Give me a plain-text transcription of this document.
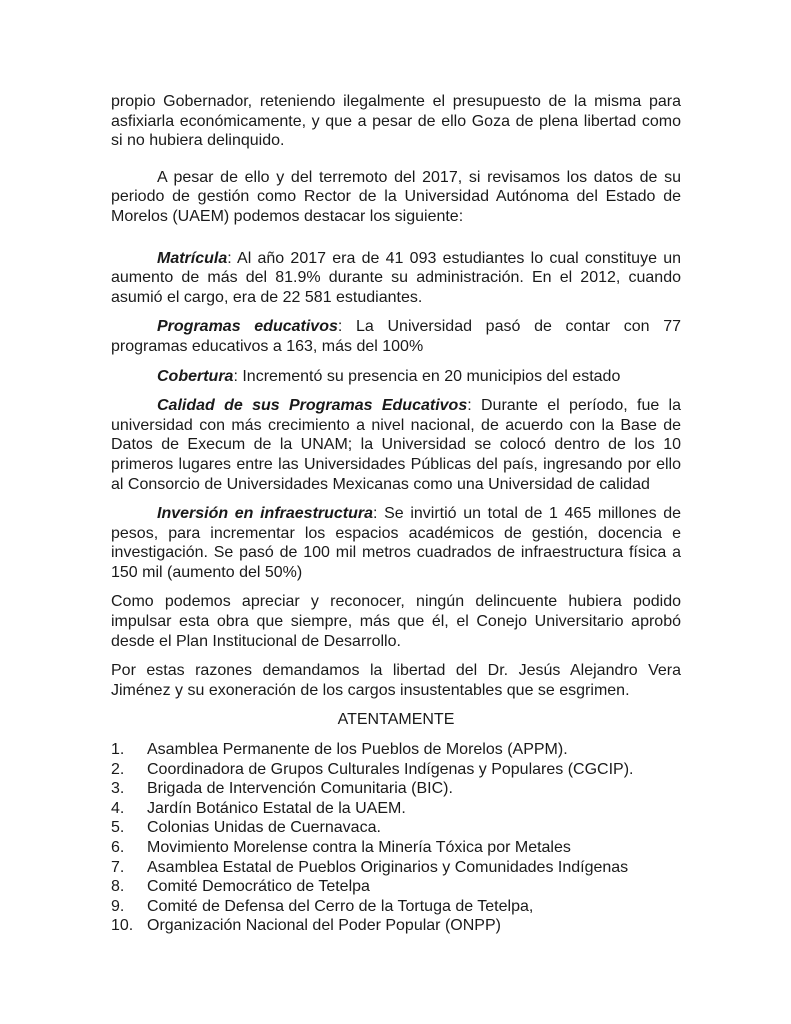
propio Gobernador, reteniendo ilegalmente el presupuesto de la misma para asfixiarla económicamente, y que a pesar de ello Goza de plena libertad como si no hubiera delinquido.

A pesar de ello y del terremoto del 2017, si revisamos los datos de su periodo de gestión como Rector de la Universidad Autónoma del Estado de Morelos (UAEM) podemos destacar los siguiente:

Matrícula: Al año 2017 era de 41 093 estudiantes lo cual constituye un aumento de más del 81.9% durante su administración. En el 2012, cuando asumió el cargo, era de 22 581 estudiantes.

Programas educativos: La Universidad pasó de contar con 77 programas educativos a 163, más del 100%

Cobertura: Incrementó su presencia en 20 municipios del estado

Calidad de sus Programas Educativos: Durante el período, fue la universidad con más crecimiento a nivel nacional, de acuerdo con la Base de Datos de Execum de la UNAM; la Universidad se colocó dentro de los 10 primeros lugares entre las Universidades Públicas del país, ingresando por ello al Consorcio de Universidades Mexicanas como una Universidad de calidad

Inversión en infraestructura: Se invirtió un total de 1 465 millones de pesos, para incrementar los espacios académicos de gestión, docencia e investigación. Se pasó de 100 mil metros cuadrados de infraestructura física a 150 mil (aumento del 50%)

Como podemos apreciar y reconocer, ningún delincuente hubiera podido impulsar esta obra que siempre, más que él, el Conejo Universitario aprobó desde el Plan Institucional de Desarrollo.

Por estas razones demandamos la libertad del Dr. Jesús Alejandro Vera Jiménez y su exoneración de los cargos insustentables que se esgrimen.

ATENTAMENTE

1.	Asamblea Permanente de los Pueblos de Morelos (APPM).
2.	Coordinadora de Grupos Culturales Indígenas y Populares (CGCIP).
3.	Brigada de Intervención Comunitaria (BIC).
4.	Jardín Botánico Estatal de la UAEM.
5.	Colonias Unidas de Cuernavaca.
6.	Movimiento Morelense contra la Minería Tóxica por Metales
7.	Asamblea Estatal de Pueblos Originarios y Comunidades Indígenas
8.	Comité Democrático de Tetelpa
9.	Comité de Defensa del Cerro de la Tortuga de Tetelpa,
10. Organización Nacional del Poder Popular (ONPP)
